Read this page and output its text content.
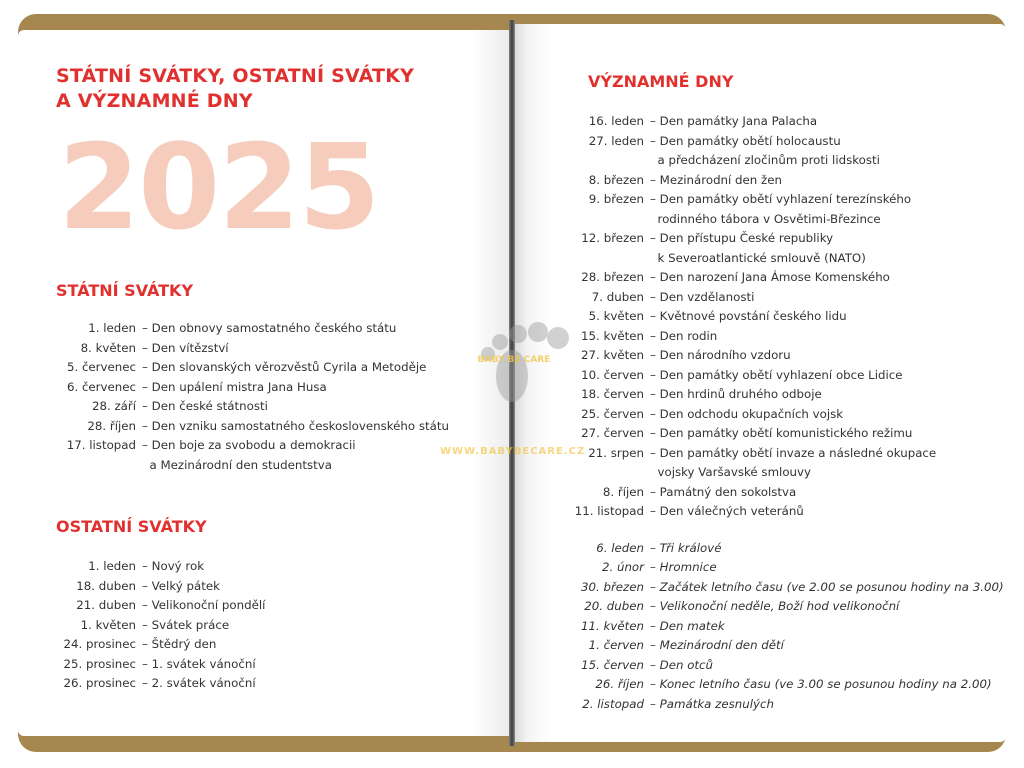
STÁTNÍ SVÁTKY, OSTATNÍ SVÁTKY
A VÝZNAMNÉ DNY
2025
STÁTNÍ SVÁTKY
1. leden – Den obnovy samostatného českého státu
8. květen – Den vítězství
5. červenec – Den slovanských věrozvěstů Cyrila a Metoděje
6. červenec – Den upálení mistra Jana Husa
28. září – Den české státnosti
28. říjen – Den vzniku samostatného československého státu
17. listopad – Den boje za svobodu a demokracii
a Mezinárodní den studentstva
OSTATNÍ SVÁTKY
1. leden – Nový rok
18. duben – Velký pátek
21. duben – Velikonoční pondělí
1. květen – Svátek práce
24. prosinec – Štědrý den
25. prosinec – 1. svátek vánoční
26. prosinec – 2. svátek vánoční
VÝZNAMNÉ DNY
16. leden – Den památky Jana Palacha
27. leden – Den památky obětí holocaustu
a předcházení zločinům proti lidskosti
8. březen – Mezinárodní den žen
9. březen – Den památky obětí vyhlazení terezínského
rodinného tábora v Osvětimi-Březince
12. březen – Den přístupu České republiky
k Severoatlantické smlouvě (NATO)
28. březen – Den narození Jana Ámose Komenského
7. duben – Den vzdělanosti
5. květen – Květnové povstání českého lidu
15. květen – Den rodin
27. květen – Den národního vzdoru
10. červen – Den památky obětí vyhlazení obce Lidice
18. červen – Den hrdinů druhého odboje
25. červen – Den odchodu okupačních vojsk
27. červen – Den památky obětí komunistického režimu
21. srpen – Den památky obětí invaze a následné okupace
vojsky Varšavské smlouvy
8. říjen – Památný den sokolstva
11. listopad – Den válečných veteránů
6. leden – Tři králové
2. únor – Hromnice
30. březen – Začátek letního času (ve 2.00 se posunou hodiny na 3.00)
20. duben – Velikonoční neděle, Boží hod velikonoční
11. květen – Den matek
1. červen – Mezinárodní den dětí
15. červen – Den otců
26. říjen – Konec letního času (ve 3.00 se posunou hodiny na 2.00)
2. listopad – Památka zesnulých
BABY BE CARE
WWW.BABYBECARE.CZ
